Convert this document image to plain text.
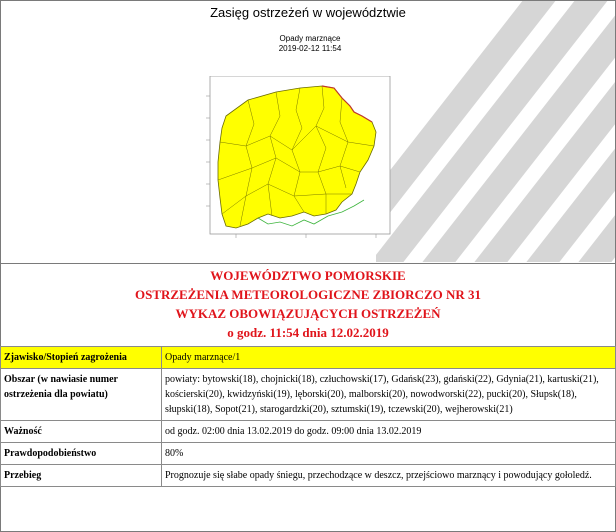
Zasięg ostrzeżeń w województwie
Opady marznące
2019-02-12 11:54
WOJEWÓDZTWO POMORSKIE
OSTRZEŻENIA METEOROLOGICZNE ZBIORCZO NR 31
WYKAZ OBOWIĄZUJĄCYCH OSTRZEŻEŃ
o godz. 11:54 dnia 12.02.2019
Zjawisko/Stopień zagrożenia	Opady marznące/1
Obszar (w nawiasie numer ostrzeżenia dla powiatu)	powiaty: bytowski(18), chojnicki(18), człuchowski(17), Gdańsk(23), gdański(22), Gdynia(21), kartuski(21), kościerski(20), kwidzyński(19), lęborski(20), malborski(20), nowodworski(22), pucki(20), Słupsk(18), słupski(18), Sopot(21), starogardzki(20), sztumski(19), tczewski(20), wejherowski(21)
Ważność	od godz. 02:00 dnia 13.02.2019 do godz. 09:00 dnia 13.02.2019
Prawdopodobieństwo	80%
Przebieg	Prognozuje się słabe opady śniegu, przechodzące w deszcz, przejściowo marznący i powodujący gołoledź.
